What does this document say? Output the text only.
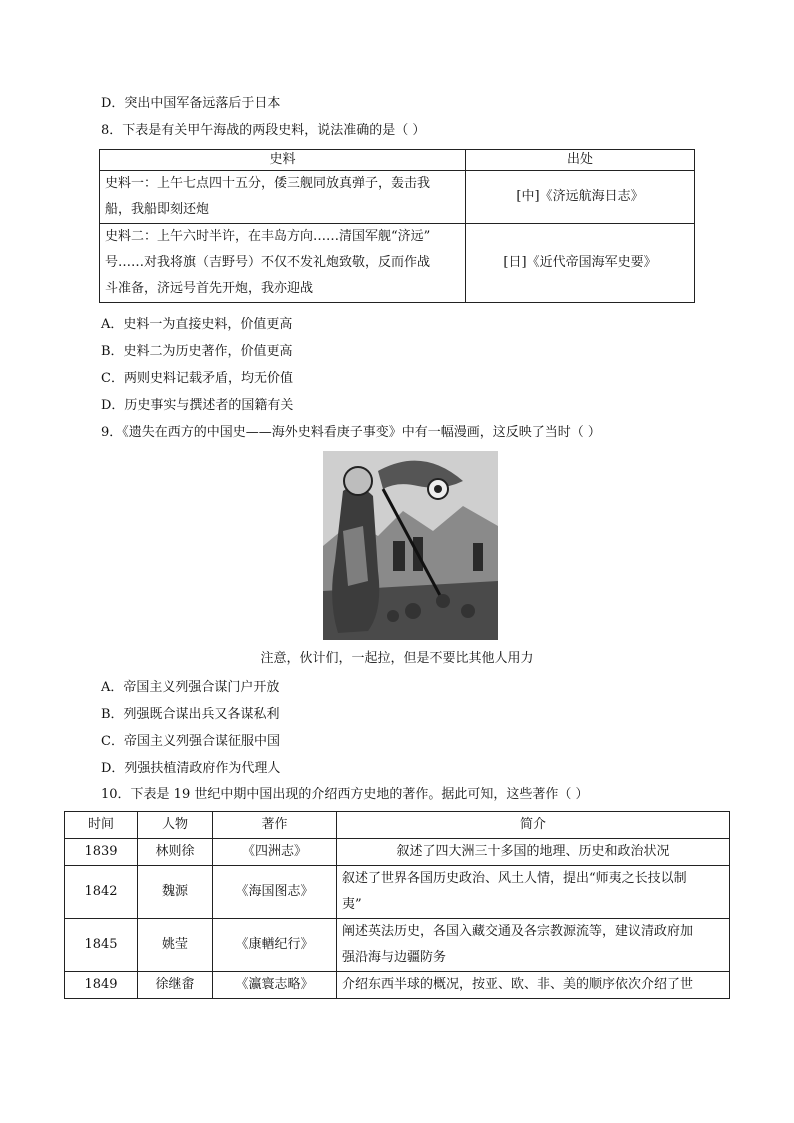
D．突出中国军备远落后于日本
8．下表是有关甲午海战的两段史料，说法准确的是（ ）
史料	出处

史料一：上午七点四十五分，倭三舰同放真弹子，轰击我
船，我船即刻还炮	[中]《济远航海日志》

史料二：上午六时半许，在丰岛方向……清国军舰“济远”
号……对我将旗（吉野号）不仅不发礼炮致敬，反而作战
斗准备，济远号首先开炮，我亦迎战	[日]《近代帝国海军史要》
A．史料一为直接史料，价值更高
B．史料二为历史著作，价值更高
C．两则史料记载矛盾，均无价值
D．历史事实与撰述者的国籍有关
9．《遗失在西方的中国史——海外史料看庚子事变》中有一幅漫画，这反映了当时（ ）
注意，伙计们，一起拉，但是不要比其他人用力
A．帝国主义列强合谋门户开放
B．列强既合谋出兵又各谋私利
C．帝国主义列强合谋征服中国
D．列强扶植清政府作为代理人
10．下表是 19 世纪中期中国出现的介绍西方史地的著作。据此可知，这些著作（ ）
时间	人物	著作	简介
1839	林则徐	《四洲志》	叙述了四大洲三十多国的地理、历史和政治状况
1842	魏源	《海国图志》	叙述了世界各国历史政治、风土人情，提出“师夷之长技以制
夷”

1845	姚莹	《康輶纪行》	阐述英法历史，各国入藏交通及各宗教源流等，建议清政府加
强沿海与边疆防务

1849	徐继畬	《瀛寰志略》	介绍东西半球的概况，按亚、欧、非、美的顺序依次介绍了世
